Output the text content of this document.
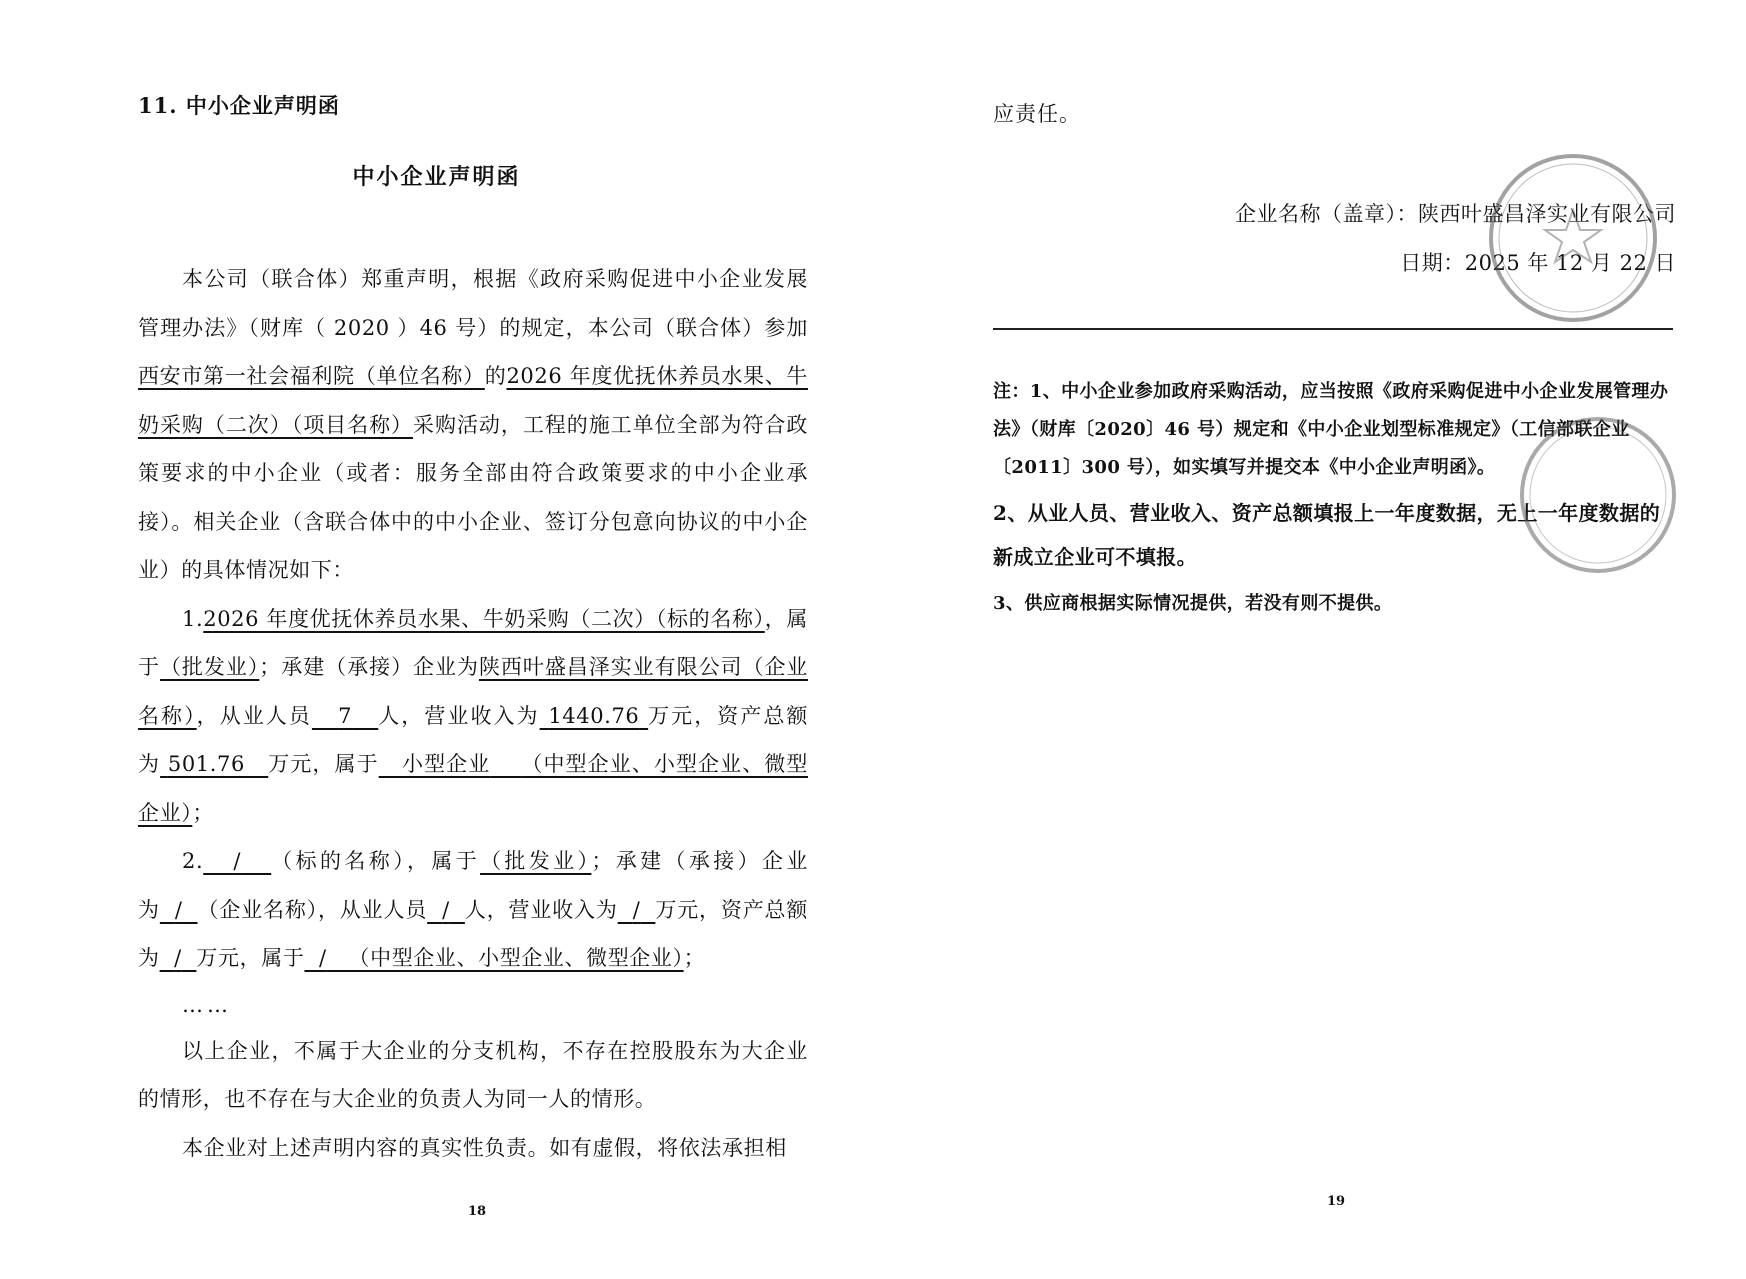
11. 中小企业声明函
中小企业声明函

本公司（联合体）郑重声明，根据《政府采购促进中小企业发展管理办法》（财库（ 2020 ）46 号）的规定，本公司（联合体）参加西安市第一社会福利院（单位名称）的2026 年度优抚休养员水果、牛奶采购（二次）（项目名称）采购活动，工程的施工单位全部为符合政策要求的中小企业（或者：服务全部由符合政策要求的中小企业承接）。相关企业（含联合体中的中小企业、签订分包意向协议的中小企业）的具体情况如下：

1.2026 年度优抚休养员水果、牛奶采购（二次）（标的名称），属于（批发业）；承建（承接）企业为陕西叶盛昌泽实业有限公司（企业名称），从业人员 7 人，营业收入为 1440.76 万元，资产总额为 501.76 万元，属于 小型企业 （中型企业、小型企业、微型企业）；

2. / （标的名称），属于（批发业）；承建（承接）企业为 / （企业名称），从业人员 / 人，营业收入为 / 万元，资产总额为 / 万元，属于 / （中型企业、小型企业、微型企业）；

……

以上企业，不属于大企业的分支机构，不存在控股股东为大企业的情形，也不存在与大企业的负责人为同一人的情形。

本企业对上述声明内容的真实性负责。如有虚假，将依法承担相

18
应责任。
企业名称（盖章）：陕西叶盛昌泽实业有限公司
日期：2025 年 12 月 22 日

注：1、中小企业参加政府采购活动，应当按照《政府采购促进中小企业发展管理办法》（财库〔2020〕46 号）规定和《中小企业划型标准规定》（工信部联企业〔2011〕300 号），如实填写并提交本《中小企业声明函》。

2、从业人员、营业收入、资产总额填报上一年度数据，无上一年度数据的新成立企业可不填报。

3、供应商根据实际情况提供，若没有则不提供。

19
